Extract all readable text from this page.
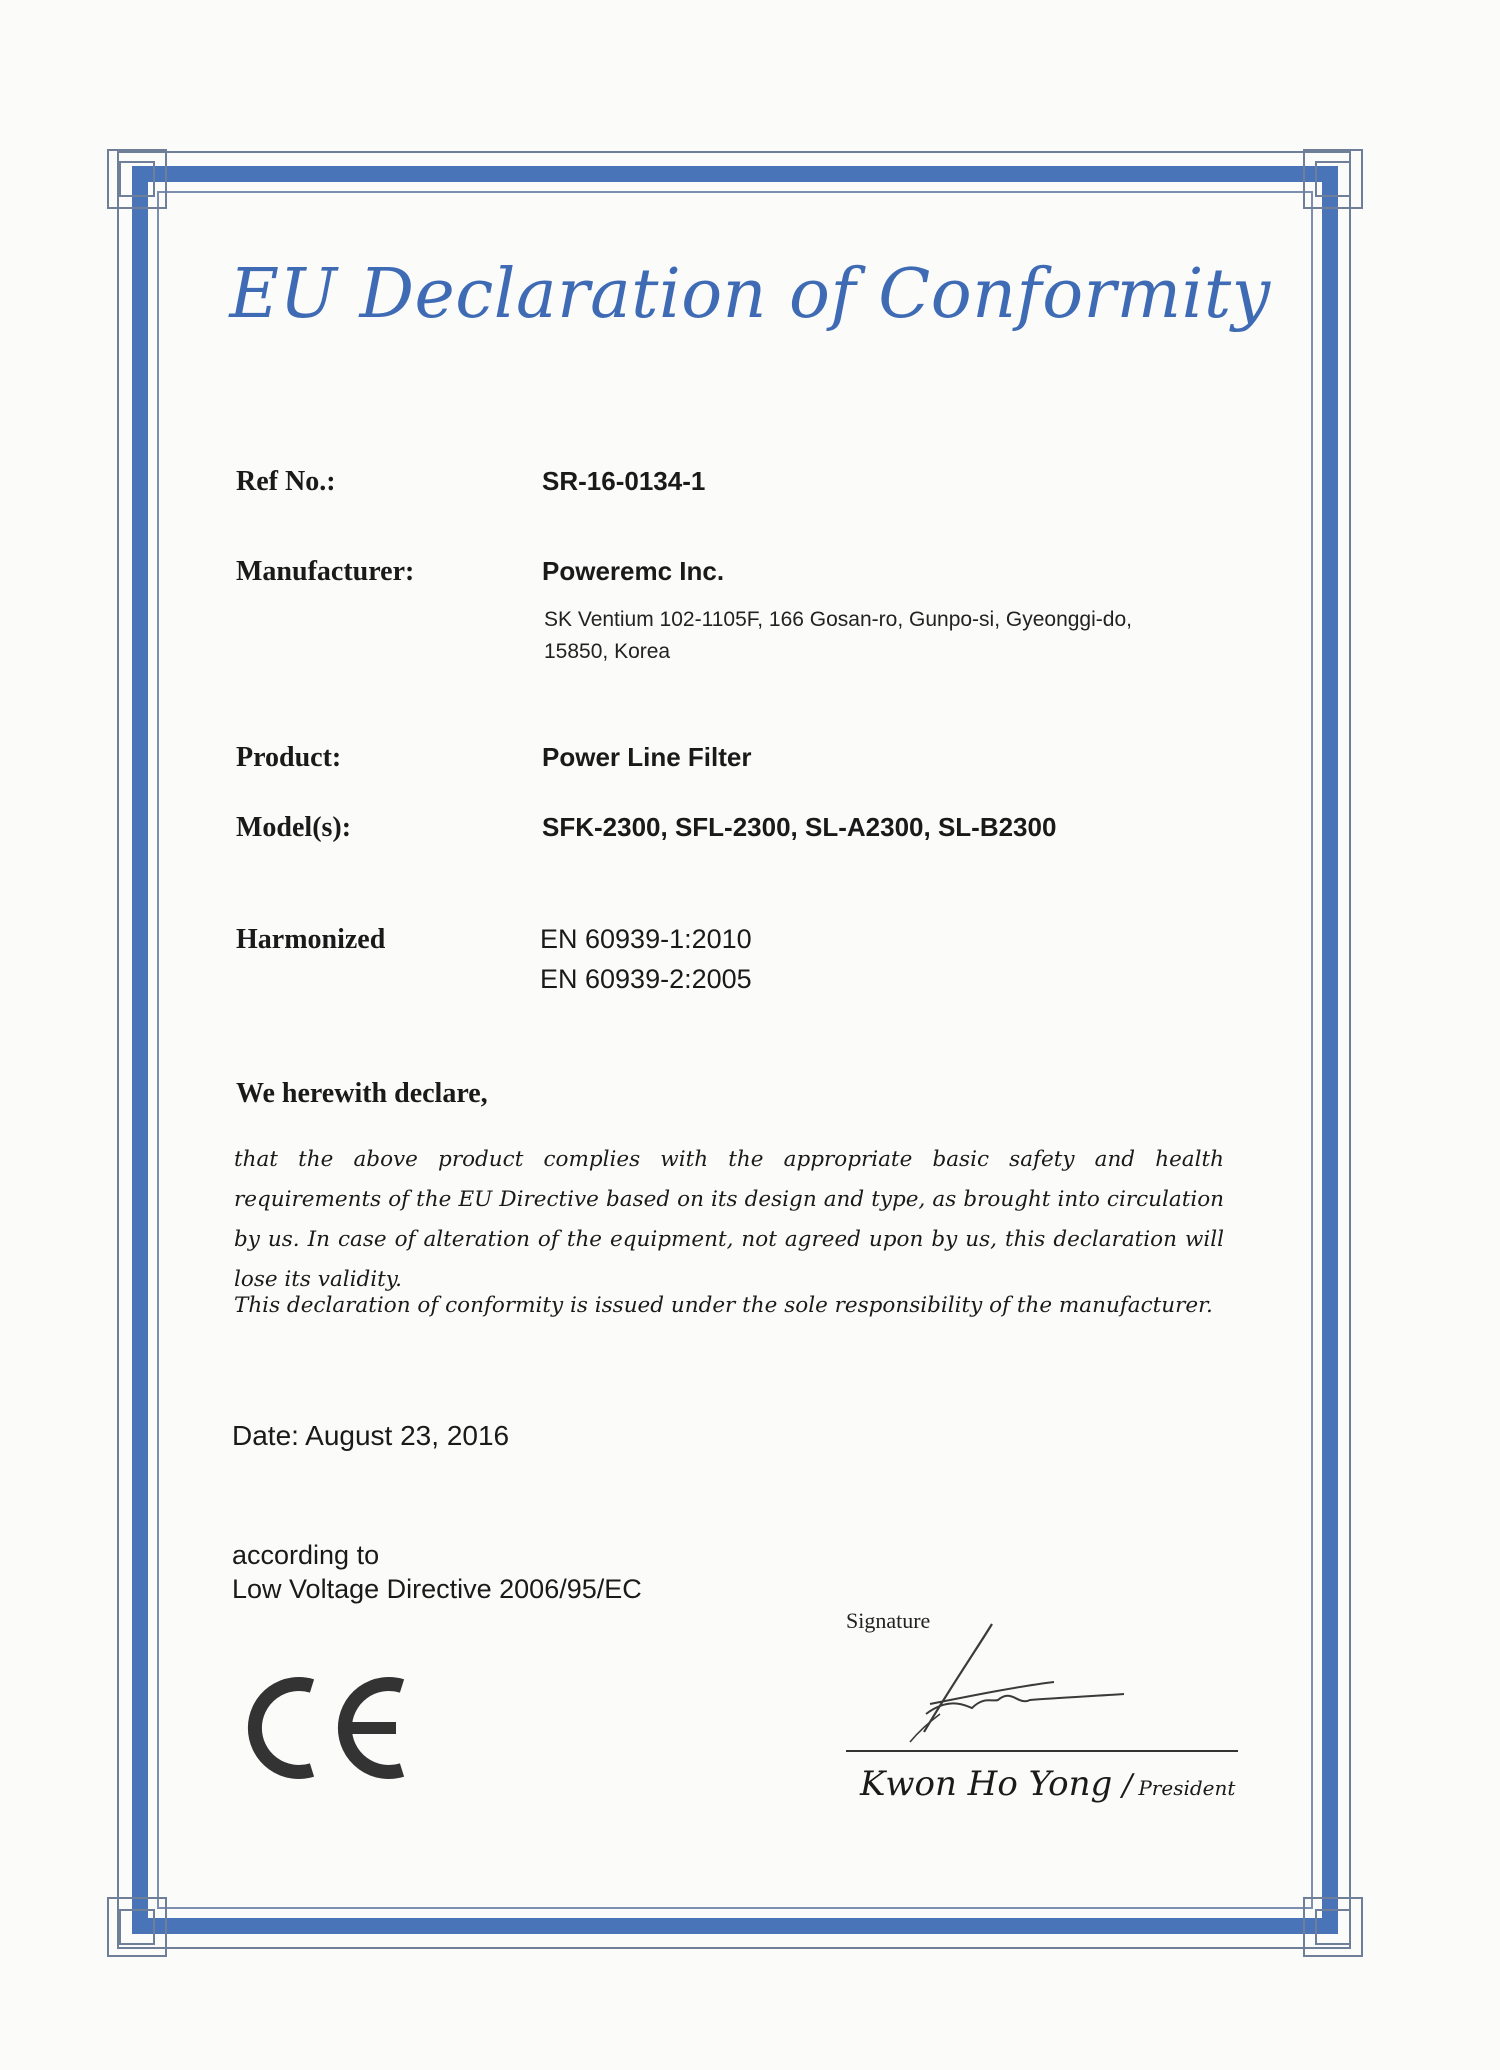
EU Declaration of Conformity
Ref No.:	SR-16-0134-1
Manufacturer:	Poweremc Inc.
SK Ventium 102-1105F, 166 Gosan-ro, Gunpo-si, Gyeonggi-do,
15850, Korea
Product:	Power Line Filter
Model(s):	SFK-2300, SFL-2300, SL-A2300, SL-B2300
Harmonized	EN 60939-1:2010
EN 60939-2:2005
We herewith declare,
that the above product complies with the appropriate basic safety and health requirements of the EU Directive based on its design and type, as brought into circulation by us. In case of alteration of the equipment, not agreed upon by us, this declaration will lose its validity.
This declaration of conformity is issued under the sole responsibility of the manufacturer.
Date: August 23, 2016
according to
Low Voltage Directive 2006/95/EC
Signature
Kwon Ho Yong / President
